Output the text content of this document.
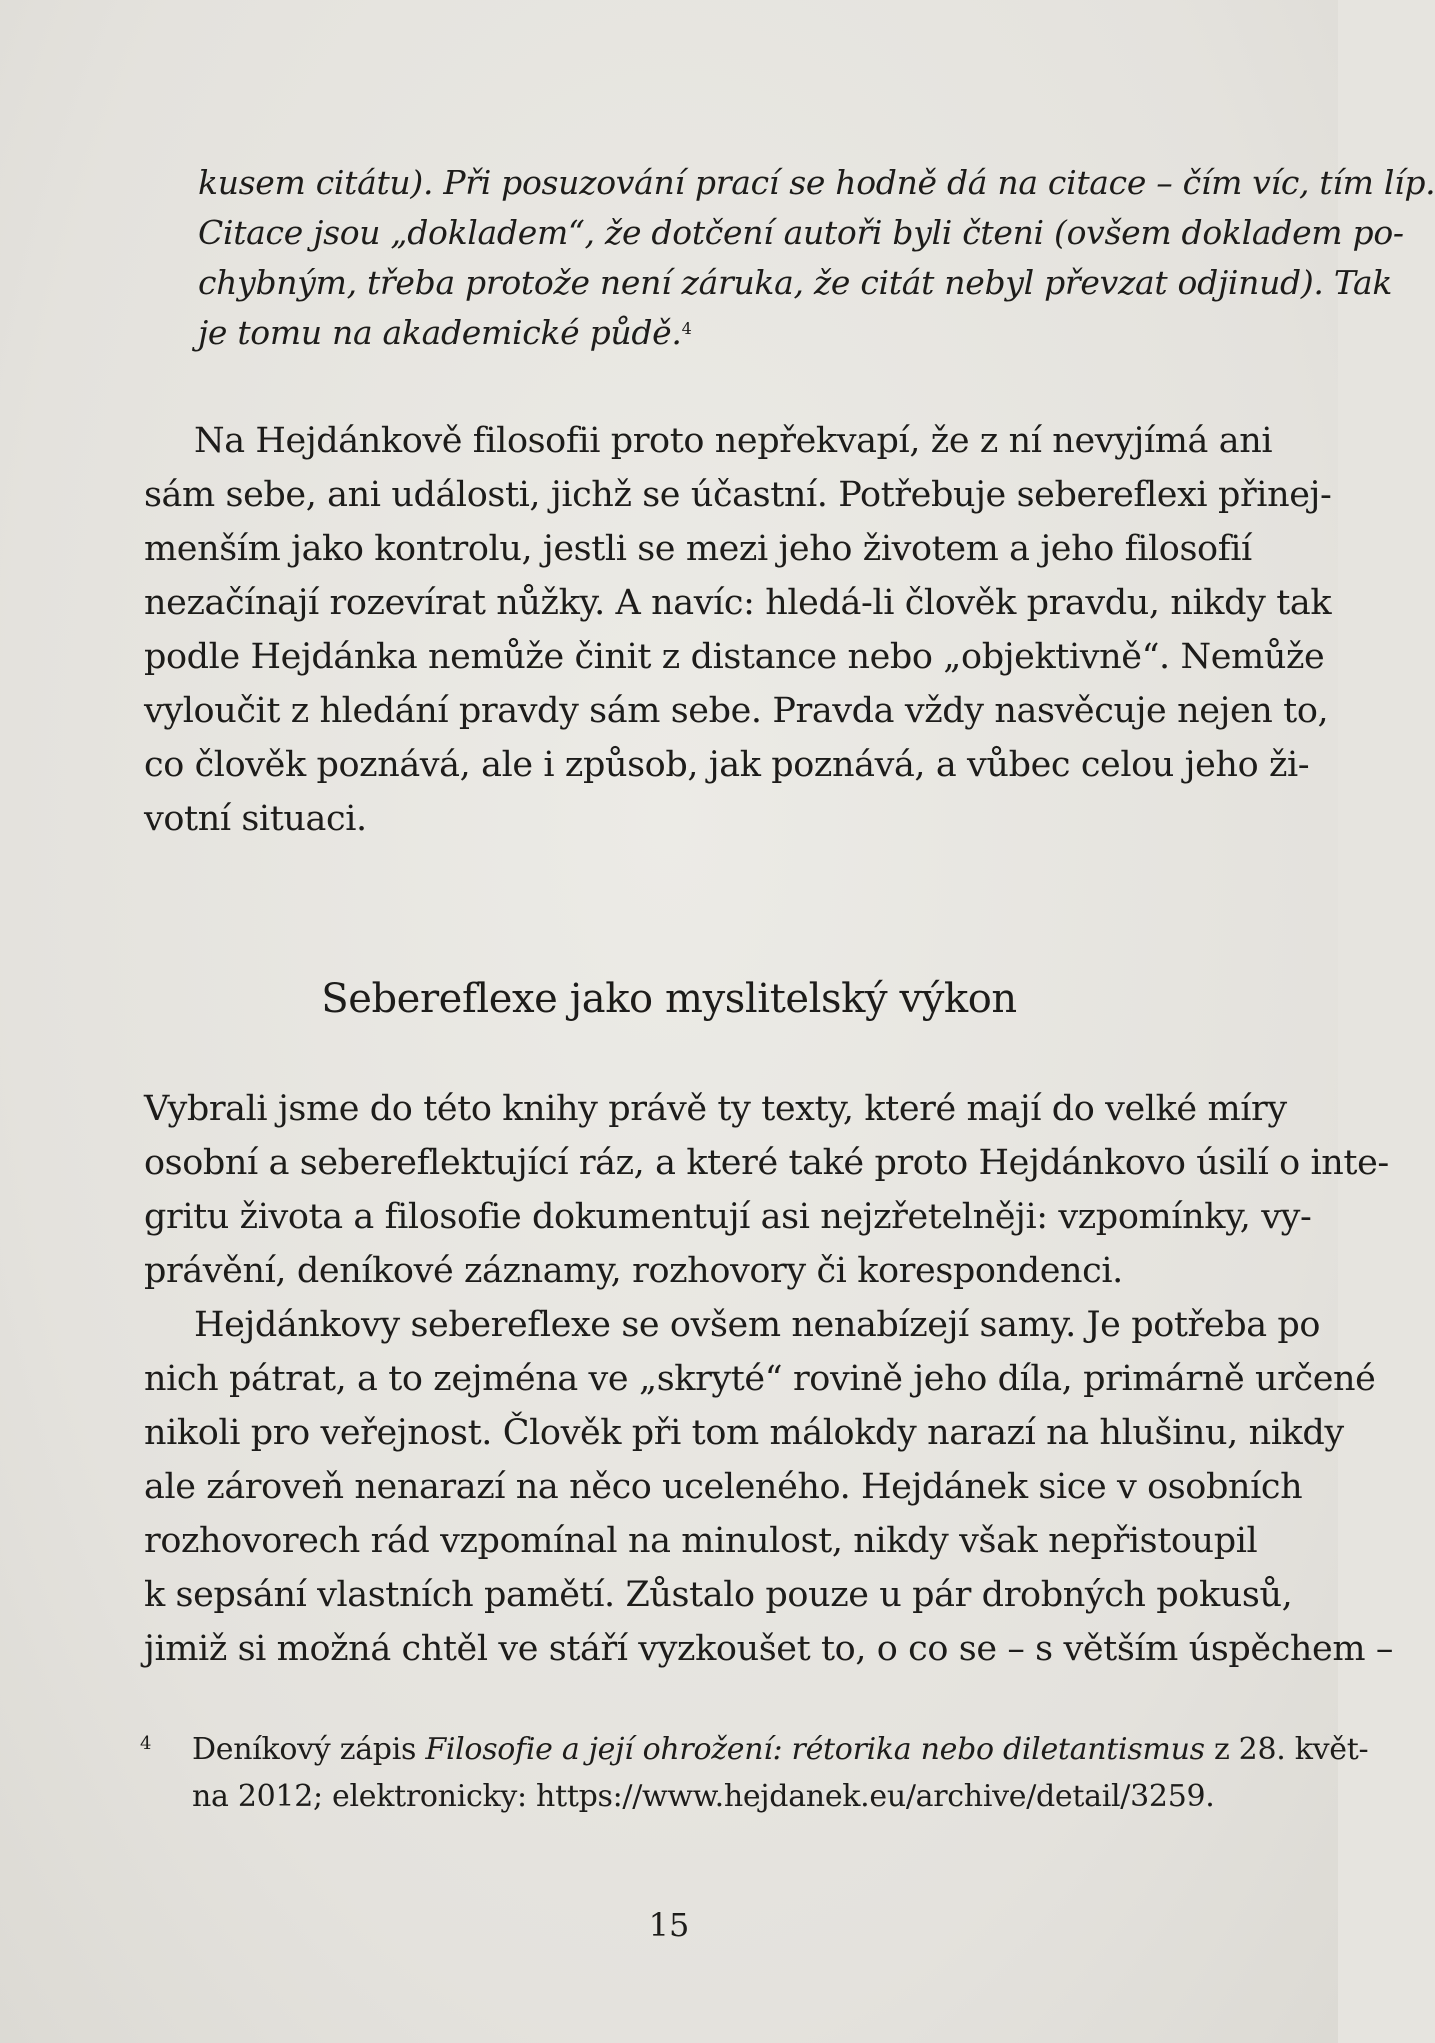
kusem citátu). Při posuzování prací se hodně dá na citace – čím víc, tím líp.
Citace jsou „dokladem“, že dotčení autoři byli čteni (ovšem dokladem po-
chybným, třeba protože není záruka, že citát nebyl převzat odjinud). Tak
je tomu na akademické půdě.$^4$
Na Hejdánkově filosofii proto nepřekvapí, že z ní nevyjímá ani
sám sebe, ani události, jichž se účastní. Potřebuje sebereflexi přinej-
menším jako kontrolu, jestli se mezi jeho životem a jeho filosofií
nezačínají rozevírat nůžky. A navíc: hledá-li člověk pravdu, nikdy tak
podle Hejdánka nemůže činit z distance nebo „objektivně“. Nemůže
vyloučit z hledání pravdy sám sebe. Pravda vždy nasvěcuje nejen to,
co člověk poznává, ale i způsob, jak poznává, a vůbec celou jeho ži-
votní situaci.
Sebereflexe jako myslitelský výkon
Vybrali jsme do této knihy právě ty texty, které mají do velké míry
osobní a sebereflektující ráz, a které také proto Hejdánkovo úsilí o inte-
gritu života a filosofie dokumentují asi nejzřetelněji: vzpomínky, vy-
právění, deníkové záznamy, rozhovory či korespondenci.
Hejdánkovy sebereflexe se ovšem nenabízejí samy. Je potřeba po
nich pátrat, a to zejména ve „skryté“ rovině jeho díla, primárně určené
nikoli pro veřejnost. Člověk při tom málokdy narazí na hlušinu, nikdy
ale zároveň nenarazí na něco uceleného. Hejdánek sice v osobních
rozhovorech rád vzpomínal na minulost, nikdy však nepřistoupil
k sepsání vlastních pamětí. Zůstalo pouze u pár drobných pokusů,
jimiž si možná chtěl ve stáří vyzkoušet to, o co se – s větším úspěchem –
4 Deníkový zápis Filosofie a její ohrožení: rétorika nebo diletantismus z 28. květ-
na 2012; elektronicky: https://www.hejdanek.eu/archive/detail/3259.
15
